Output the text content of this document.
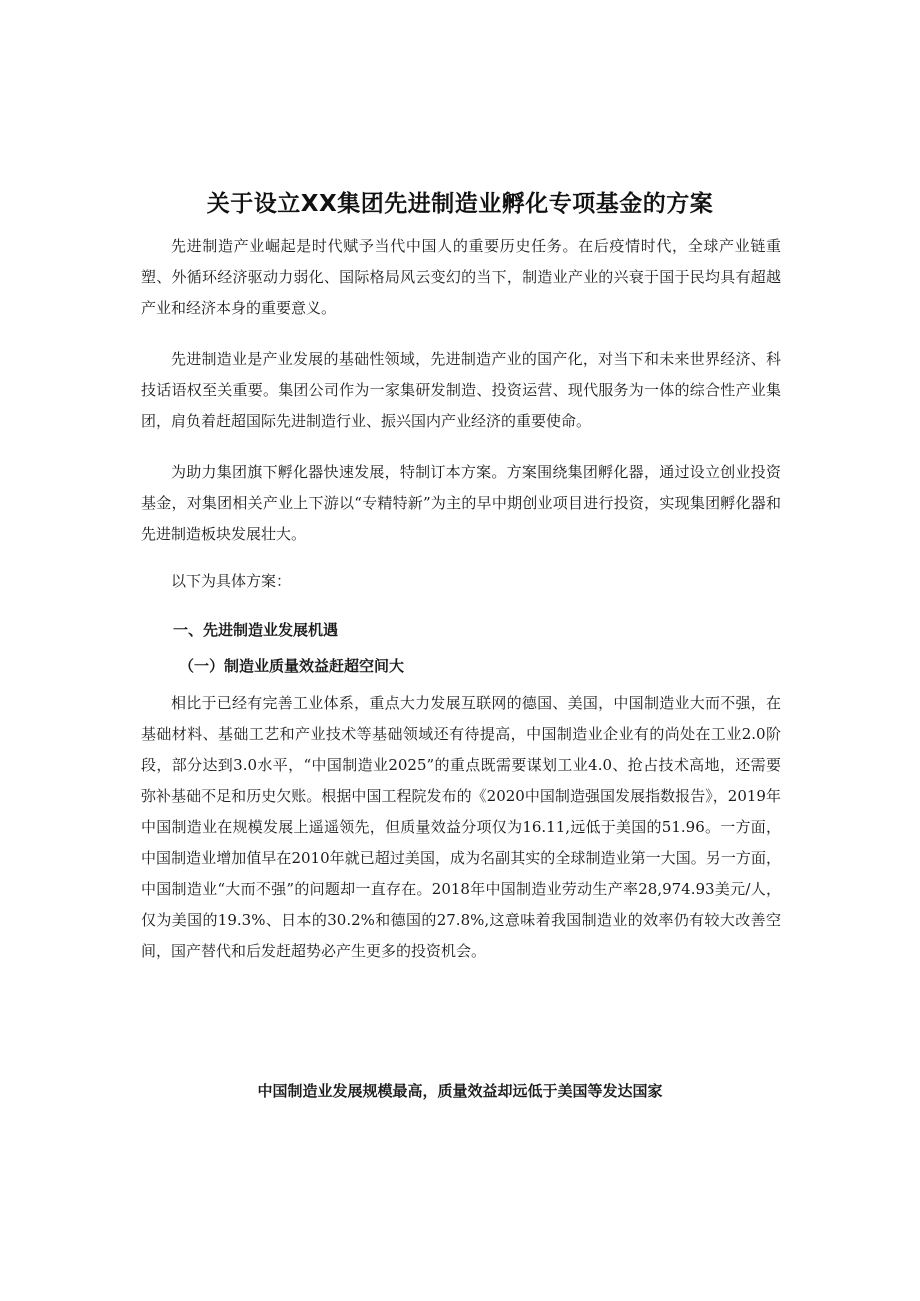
关于设立XX集团先进制造业孵化专项基金的方案

先进制造产业崛起是时代赋予当代中国人的重要历史任务。在后疫情时代，全球产业链重塑、外循环经济驱动力弱化、国际格局风云变幻的当下，制造业产业的兴衰于国于民均具有超越产业和经济本身的重要意义。

先进制造业是产业发展的基础性领域，先进制造产业的国产化，对当下和未来世界经济、科技话语权至关重要。集团公司作为一家集研发制造、投资运营、现代服务为一体的综合性产业集团，肩负着赶超国际先进制造行业、振兴国内产业经济的重要使命。

为助力集团旗下孵化器快速发展，特制订本方案。方案围绕集团孵化器，通过设立创业投资基金，对集团相关产业上下游以“专精特新”为主的早中期创业项目进行投资，实现集团孵化器和先进制造板块发展壮大。

以下为具体方案：

一、先进制造业发展机遇
（一）制造业质量效益赶超空间大

相比于已经有完善工业体系，重点大力发展互联网的德国、美国，中国制造业大而不强，在基础材料、基础工艺和产业技术等基础领域还有待提高，中国制造业企业有的尚处在工业2.0阶段，部分达到3.0水平，“中国制造业2025”的重点既需要谋划工业4.0、抢占技术高地，还需要弥补基础不足和历史欠账。根据中国工程院发布的《2020中国制造强国发展指数报告》，2019年中国制造业在规模发展上遥遥领先，但质量效益分项仅为16.11,远低于美国的51.96。一方面，中国制造业增加值早在2010年就已超过美国，成为名副其实的全球制造业第一大国。另一方面，中国制造业“大而不强”的问题却一直存在。2018年中国制造业劳动生产率28,974.93美元/人，仅为美国的19.3%、日本的30.2%和德国的27.8%,这意味着我国制造业的效率仍有较大改善空间，国产替代和后发赶超势必产生更多的投资机会。

中国制造业发展规模最高，质量效益却远低于美国等发达国家
